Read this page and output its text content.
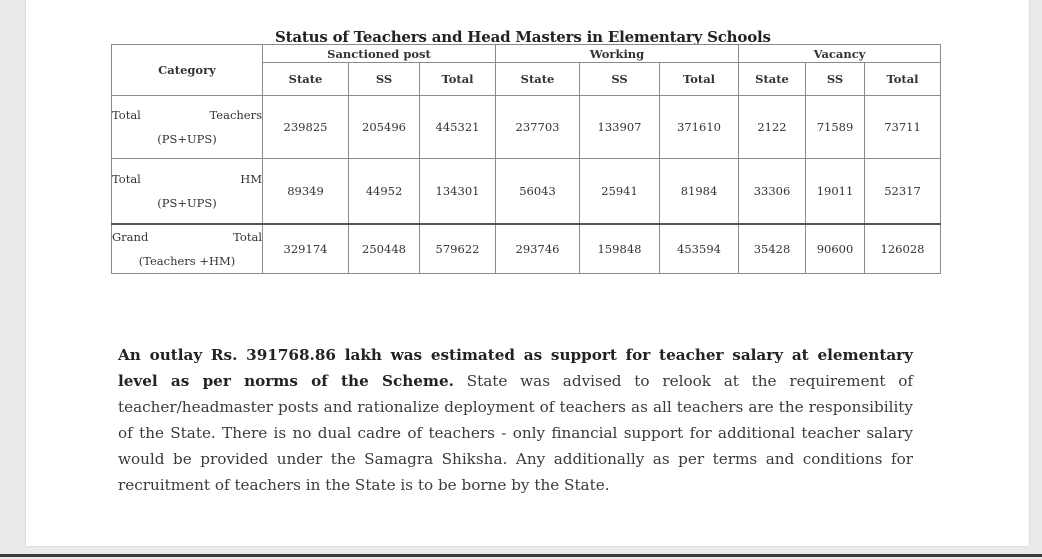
Status of Teachers and Head Masters in Elementary Schools
Category	Sanctioned post			Working			Vacancy		
	State	SS	Total	State	SS	Total	State	SS	Total

Total Teachers
(PS+UPS)	239825	205496	445321	237703	133907	371610	2122	71589	73711

Total HM
(PS+UPS)	89349	44952	134301	56043	25941	81984	33306	19011	52317

Grand Total
(Teachers +HM)	329174	250448	579622	293746	159848	453594	35428	90600	126028
An outlay Rs. 391768.86 lakh was estimated as support for teacher salary at elementary level as per norms of the Scheme. State was advised to relook at the requirement of teacher/headmaster posts and rationalize deployment of teachers as all teachers are the responsibility of the State. There is no dual cadre of teachers - only financial support for additional teacher salary would be provided under the Samagra Shiksha. Any additionally as per terms and conditions for recruitment of teachers in the State is to be borne by the State.
